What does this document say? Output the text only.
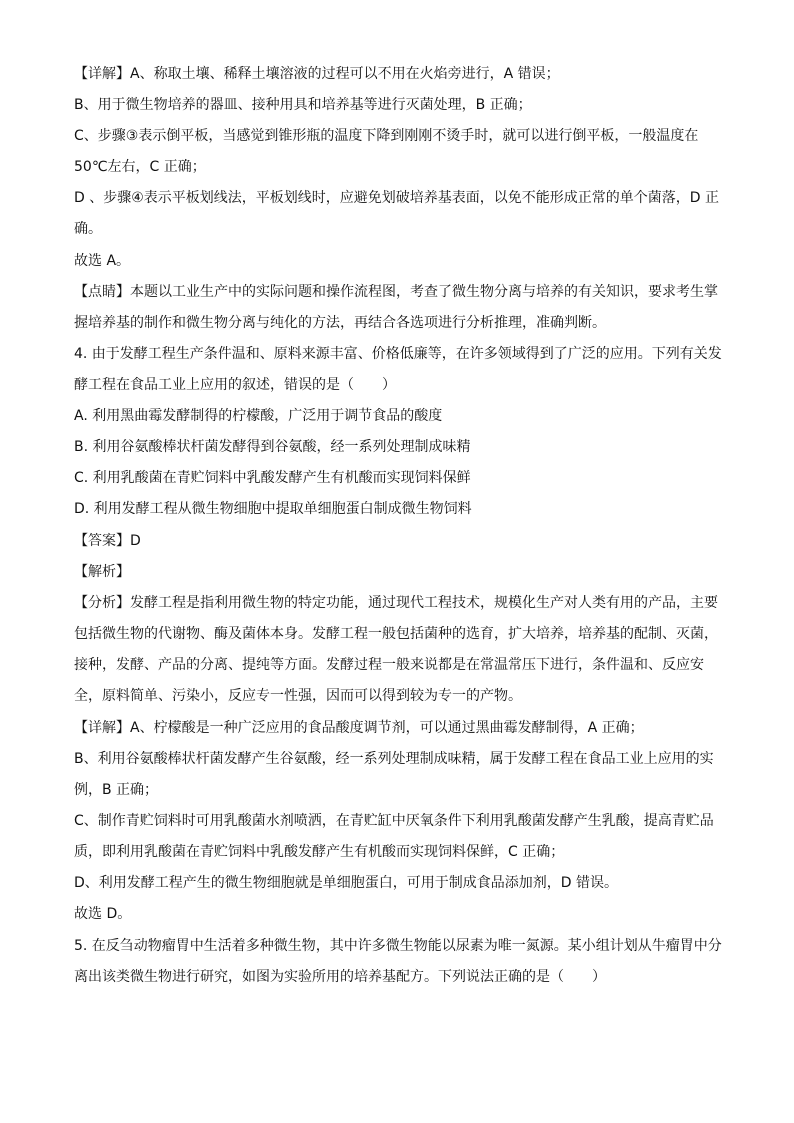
【详解】A、称取土壤、稀释土壤溶液的过程可以不用在火焰旁进行，A 错误；
B、用于微生物培养的器皿、接种用具和培养基等进行灭菌处理，B 正确；
C、步骤③表示倒平板，当感觉到锥形瓶的温度下降到刚刚不烫手时，就可以进行倒平板，一般温度在
50℃左右，C 正确；
D 、步骤④表示平板划线法，平板划线时，应避免划破培养基表面，以免不能形成正常的单个菌落，D 正
确。
故选 A。
【点睛】本题以工业生产中的实际问题和操作流程图，考查了微生物分离与培养的有关知识，要求考生掌
握培养基的制作和微生物分离与纯化的方法，再结合各选项进行分析推理，准确判断。
4. 由于发酵工程生产条件温和、原料来源丰富、价格低廉等，在许多领域得到了广泛的应用。下列有关发
酵工程在食品工业上应用的叙述，错误的是（　　）
A. 利用黑曲霉发酵制得的柠檬酸，广泛用于调节食品的酸度
B. 利用谷氨酸棒状杆菌发酵得到谷氨酸，经一系列处理制成味精
C. 利用乳酸菌在青贮饲料中乳酸发酵产生有机酸而实现饲料保鲜
D. 利用发酵工程从微生物细胞中提取单细胞蛋白制成微生物饲料
【答案】D
【解析】
【分析】发酵工程是指利用微生物的特定功能，通过现代工程技术，规模化生产对人类有用的产品，主要
包括微生物的代谢物、酶及菌体本身。发酵工程一般包括菌种的选育，扩大培养，培养基的配制、灭菌，
接种，发酵、产品的分离、提纯等方面。发酵过程一般来说都是在常温常压下进行，条件温和、反应安
全，原料简单、污染小，反应专一性强，因而可以得到较为专一的产物。
【详解】A、柠檬酸是一种广泛应用的食品酸度调节剂，可以通过黑曲霉发酵制得，A 正确；
B、利用谷氨酸棒状杆菌发酵产生谷氨酸，经一系列处理制成味精，属于发酵工程在食品工业上应用的实
例，B 正确；
C、制作青贮饲料时可用乳酸菌水剂喷洒，在青贮缸中厌氧条件下利用乳酸菌发酵产生乳酸，提高青贮品
质，即利用乳酸菌在青贮饲料中乳酸发酵产生有机酸而实现饲料保鲜，C 正确；
D、利用发酵工程产生的微生物细胞就是单细胞蛋白，可用于制成食品添加剂，D 错误。
故选 D。
5. 在反刍动物瘤胃中生活着多种微生物，其中许多微生物能以尿素为唯一氮源。某小组计划从牛瘤胃中分
离出该类微生物进行研究，如图为实验所用的培养基配方。下列说法正确的是（　　）
